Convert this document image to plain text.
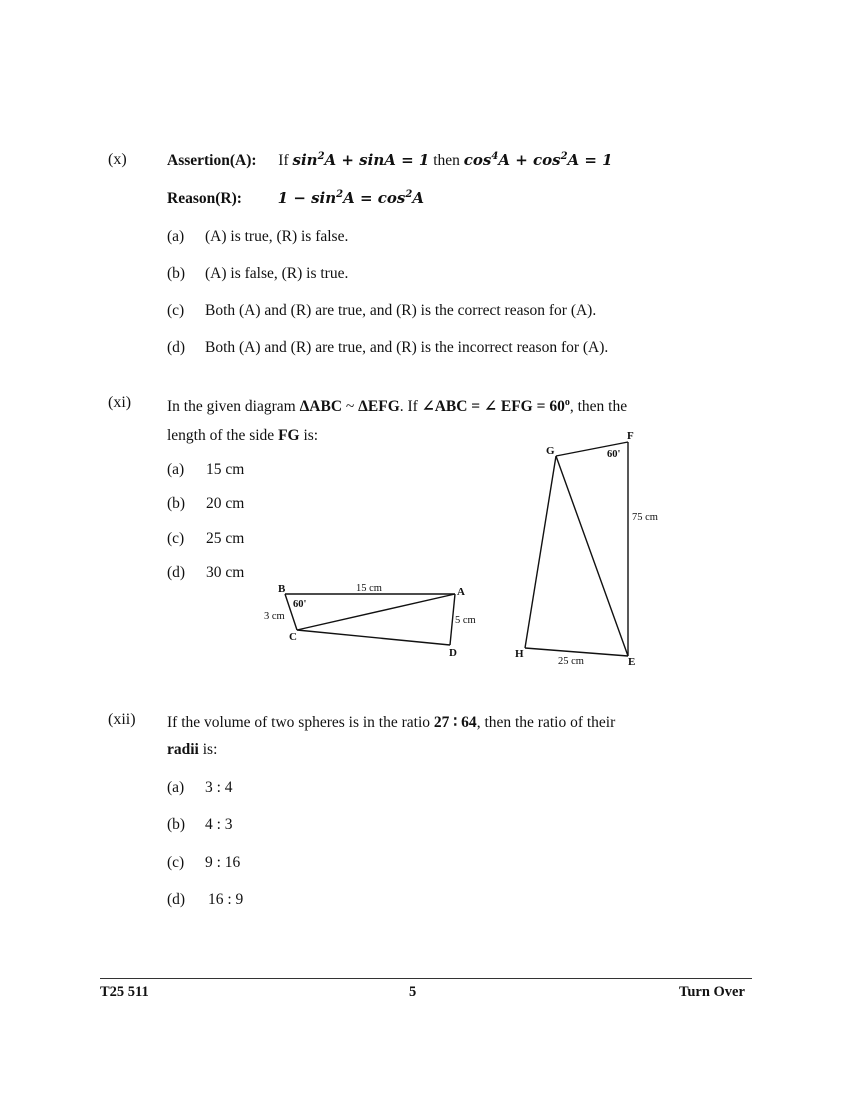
(x)	Assertion(A): If $\sin^2A + \sin A = 1$ then $\cos^4A + \cos^2A = 1$
Reason(R): $1 - \sin^2A = \cos^2A$
(a) (A) is true, (R) is false.
(b) (A) is false, (R) is true.
(c) Both (A) and (R) are true, and (R) is the correct reason for (A).
(d) Both (A) and (R) are true, and (R) is the incorrect reason for (A).
(xi) In the given diagram ΔABC ~ ΔEFG. If ∠ABC = ∠ EFG = $60^o$, then the
length of the side FG is:
(a) 15 cm
(b) 20 cm
(c) 25 cm
(d) 30 cm
B	A
C
D
60'
15 cm
3 cm	5 cm
G
F
H
E
60'
75 cm
25 cm
(xii) If the volume of two spheres is in the ratio 27 ∶ 64, then the ratio of their
radii is:
(a) 3 : 4
(b) 4 : 3
(c) 9 : 16
(d) 16 : 9
T25 511	5	Turn Over
